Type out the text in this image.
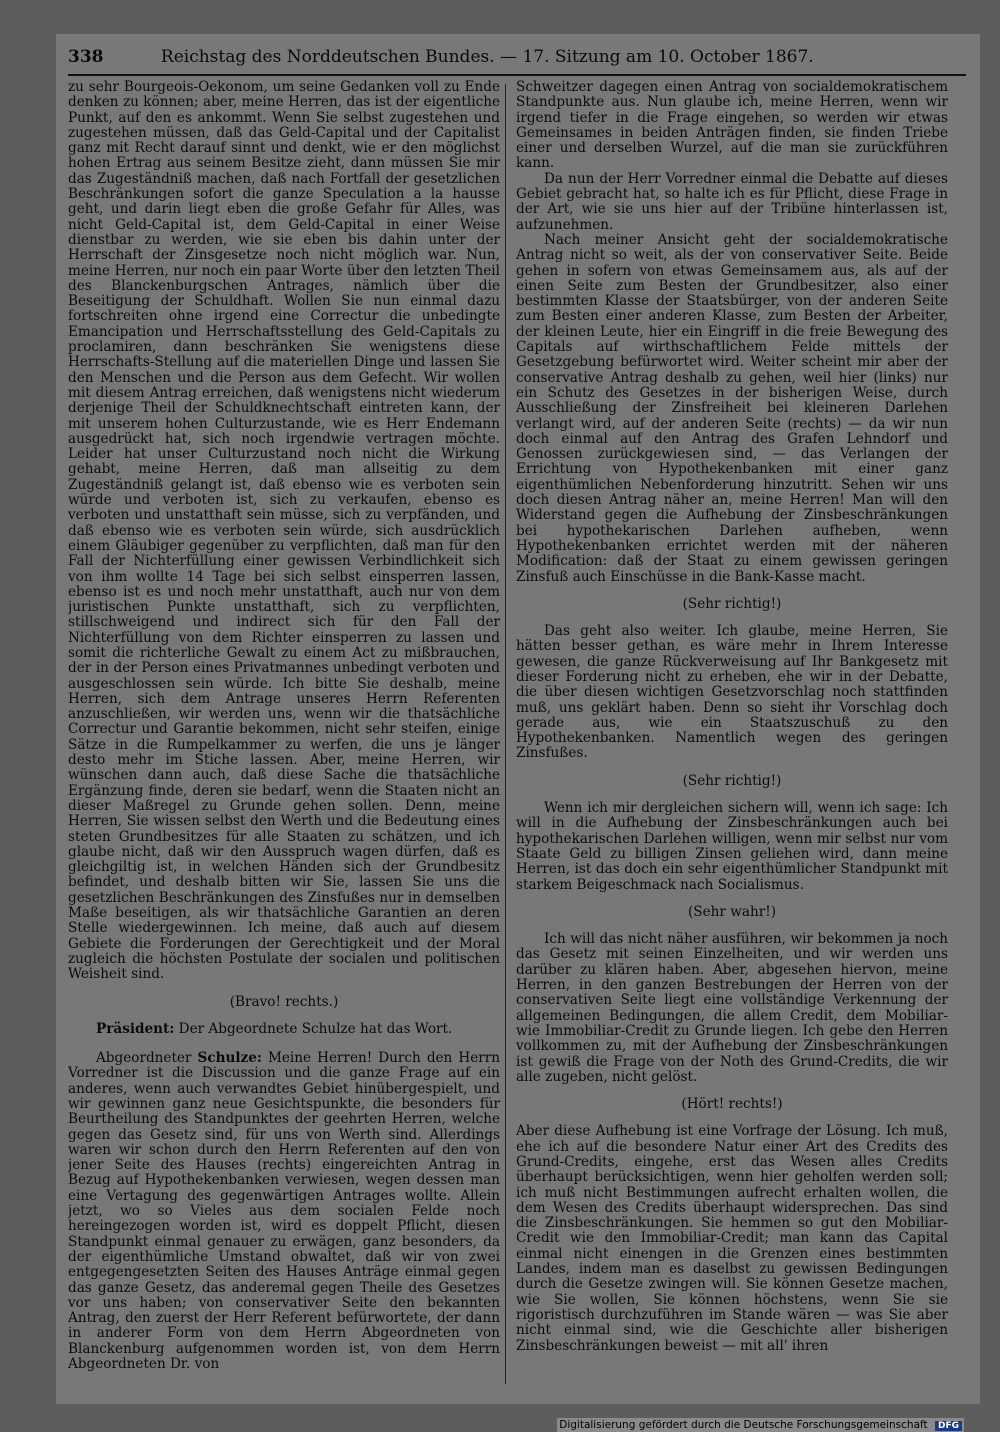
338	Reichstag des Norddeutschen Bundes. — 17. Sitzung am 10. October 1867.

zu sehr Bourgeois-Oekonom, um seine Gedanken voll zu Ende denken zu können; aber, meine Herren, das ist der eigentliche Punkt, auf den es ankommt. Wenn Sie selbst zugestehen und zugestehen müssen, daß das Geld-Capital und der Capitalist ganz mit Recht darauf sinnt und denkt, wie er den möglichst hohen Ertrag aus seinem Besitze zieht, dann müssen Sie mir das Zugeständniß machen, daß nach Fortfall der gesetzlichen Beschränkungen sofort die ganze Speculation a la hausse geht, und darin liegt eben die große Gefahr für Alles, was nicht Geld-Capital ist, dem Geld-Capital in einer Weise dienstbar zu werden, wie sie eben bis dahin unter der Herrschaft der Zinsgesetze noch nicht möglich war. Nun, meine Herren, nur noch ein paar Worte über den letzten Theil des Blanckenburgschen Antrages, nämlich über die Beseitigung der Schuldhaft. Wollen Sie nun einmal dazu fortschreiten ohne irgend eine Correctur die unbedingte Emancipation und Herrschaftsstellung des Geld-Capitals zu proclamiren, dann beschränken Sie wenigstens diese Herrschafts-Stellung auf die materiellen Dinge und lassen Sie den Menschen und die Person aus dem Gefecht. Wir wollen mit diesem Antrag erreichen, daß wenigstens nicht wiederum derjenige Theil der Schuldknechtschaft eintreten kann, der mit unserem hohen Culturzustande, wie es Herr Endemann ausgedrückt hat, sich noch irgendwie vertragen möchte. Leider hat unser Culturzustand noch nicht die Wirkung gehabt, meine Herren, daß man allseitig zu dem Zugeständniß gelangt ist, daß ebenso wie es verboten sein würde und verboten ist, sich zu verkaufen, ebenso es verboten und unstatthaft sein müsse, sich zu verpfänden, und daß ebenso wie es verboten sein würde, sich ausdrücklich einem Gläubiger gegenüber zu verpflichten, daß man für den Fall der Nichterfüllung einer gewissen Verbindlichkeit sich von ihm wollte 14 Tage bei sich selbst einsperren lassen, ebenso ist es und noch mehr unstatthaft, auch nur von dem juristischen Punkte unstatthaft, sich zu verpflichten, stillschweigend und indirect sich für den Fall der Nichterfüllung von dem Richter einsperren zu lassen und somit die richterliche Gewalt zu einem Act zu mißbrauchen, der in der Person eines Privatmannes unbedingt verboten und ausgeschlossen sein würde. Ich bitte Sie deshalb, meine Herren, sich dem Antrage unseres Herrn Referenten anzuschließen, wir werden uns, wenn wir die thatsächliche Correctur und Garantie bekommen, nicht sehr steifen, einige Sätze in die Rumpelkammer zu werfen, die uns je länger desto mehr im Stiche lassen. Aber, meine Herren, wir wünschen dann auch, daß diese Sache die thatsächliche Ergänzung finde, deren sie bedarf, wenn die Staaten nicht an dieser Maßregel zu Grunde gehen sollen. Denn, meine Herren, Sie wissen selbst den Werth und die Bedeutung eines steten Grundbesitzes für alle Staaten zu schätzen, und ich glaube nicht, daß wir den Ausspruch wagen dürfen, daß es gleichgiltig ist, in welchen Händen sich der Grundbesitz befindet, und deshalb bitten wir Sie, lassen Sie uns die gesetzlichen Beschränkungen des Zinsfußes nur in demselben Maße beseitigen, als wir thatsächliche Garantien an deren Stelle wiedergewinnen. Ich meine, daß auch auf diesem Gebiete die Forderungen der Gerechtigkeit und der Moral zugleich die höchsten Postulate der socialen und politischen Weisheit sind.

(Bravo! rechts.)

Präsident: Der Abgeordnete Schulze hat das Wort.

Abgeordneter Schulze: Meine Herren! Durch den Herrn Vorredner ist die Discussion und die ganze Frage auf ein anderes, wenn auch verwandtes Gebiet hinübergespielt, und wir gewinnen ganz neue Gesichtspunkte, die besonders für Beurtheilung des Standpunktes der geehrten Herren, welche gegen das Gesetz sind, für uns von Werth sind. Allerdings waren wir schon durch den Herrn Referenten auf den von jener Seite des Hauses (rechts) eingereichten Antrag in Bezug auf Hypothekenbanken verwiesen, wegen dessen man eine Vertagung des gegenwärtigen Antrages wollte. Allein jetzt, wo so Vieles aus dem socialen Felde noch hereingezogen worden ist, wird es doppelt Pflicht, diesen Standpunkt einmal genauer zu erwägen, ganz besonders, da der eigenthümliche Umstand obwaltet, daß wir von zwei entgegengesetzten Seiten des Hauses Anträge einmal gegen das ganze Gesetz, das anderemal gegen Theile des Gesetzes vor uns haben; von conservativer Seite den bekannten Antrag, den zuerst der Herr Referent befürwortete, der dann in anderer Form von dem Herrn Abgeordneten von Blanckenburg aufgenommen worden ist, von dem Herrn Abgeordneten Dr. von

Schweitzer dagegen einen Antrag von socialdemokratischem Standpunkte aus. Nun glaube ich, meine Herren, wenn wir irgend tiefer in die Frage eingehen, so werden wir etwas Gemeinsames in beiden Anträgen finden, sie finden Triebe einer und derselben Wurzel, auf die man sie zurückführen kann.

Da nun der Herr Vorredner einmal die Debatte auf dieses Gebiet gebracht hat, so halte ich es für Pflicht, diese Frage in der Art, wie sie uns hier auf der Tribüne hinterlassen ist, aufzunehmen.

Nach meiner Ansicht geht der socialdemokratische Antrag nicht so weit, als der von conservativer Seite. Beide gehen in sofern von etwas Gemeinsamem aus, als auf der einen Seite zum Besten der Grundbesitzer, also einer bestimmten Klasse der Staatsbürger, von der anderen Seite zum Besten einer anderen Klasse, zum Besten der Arbeiter, der kleinen Leute, hier ein Eingriff in die freie Bewegung des Capitals auf wirthschaftlichem Felde mittels der Gesetzgebung befürwortet wird. Weiter scheint mir aber der conservative Antrag deshalb zu gehen, weil hier (links) nur ein Schutz des Gesetzes in der bisherigen Weise, durch Ausschließung der Zinsfreiheit bei kleineren Darlehen verlangt wird, auf der anderen Seite (rechts) — da wir nun doch einmal auf den Antrag des Grafen Lehndorf und Genossen zurückgewiesen sind, — das Verlangen der Errichtung von Hypothekenbanken mit einer ganz eigenthümlichen Nebenforderung hinzutritt. Sehen wir uns doch diesen Antrag näher an, meine Herren! Man will den Widerstand gegen die Aufhebung der Zinsbeschränkungen bei hypothekarischen Darlehen aufheben, wenn Hypothekenbanken errichtet werden mit der näheren Modification: daß der Staat zu einem gewissen geringen Zinsfuß auch Einschüsse in die Bank-Kasse macht.

(Sehr richtig!)

Das geht also weiter. Ich glaube, meine Herren, Sie hätten besser gethan, es wäre mehr in Ihrem Interesse gewesen, die ganze Rückverweisung auf Ihr Bankgesetz mit dieser Forderung nicht zu erheben, ehe wir in der Debatte, die über diesen wichtigen Gesetzvorschlag noch stattfinden muß, uns geklärt haben. Denn so sieht ihr Vorschlag doch gerade aus, wie ein Staatszuschuß zu den Hypothekenbanken. Namentlich wegen des geringen Zinsfußes.

(Sehr richtig!)

Wenn ich mir dergleichen sichern will, wenn ich sage: Ich will in die Aufhebung der Zinsbeschränkungen auch bei hypothekarischen Darlehen willigen, wenn mir selbst nur vom Staate Geld zu billigen Zinsen geliehen wird, dann meine Herren, ist das doch ein sehr eigenthümlicher Standpunkt mit starkem Beigeschmack nach Socialismus.

(Sehr wahr!)

Ich will das nicht näher ausführen, wir bekommen ja noch das Gesetz mit seinen Einzelheiten, und wir werden uns darüber zu klären haben. Aber, abgesehen hiervon, meine Herren, in den ganzen Bestrebungen der Herren von der conservativen Seite liegt eine vollständige Verkennung der allgemeinen Bedingungen, die allem Credit, dem Mobiliar- wie Immobiliar-Credit zu Grunde liegen. Ich gebe den Herren vollkommen zu, mit der Aufhebung der Zinsbeschränkungen ist gewiß die Frage von der Noth des Grund-Credits, die wir alle zugeben, nicht gelöst.

(Hört! rechts!)

Aber diese Aufhebung ist eine Vorfrage der Lösung. Ich muß, ehe ich auf die besondere Natur einer Art des Credits des Grund-Credits, eingehe, erst das Wesen alles Credits überhaupt berücksichtigen, wenn hier geholfen werden soll; ich muß nicht Bestimmungen aufrecht erhalten wollen, die dem Wesen des Credits überhaupt widersprechen. Das sind die Zinsbeschränkungen. Sie hemmen so gut den Mobiliar-Credit wie den Immobiliar-Credit; man kann das Capital einmal nicht einengen in die Grenzen eines bestimmten Landes, indem man es daselbst zu gewissen Bedingungen durch die Gesetze zwingen will. Sie können Gesetze machen, wie Sie wollen, Sie können höchstens, wenn Sie sie rigoristisch durchzuführen im Stande wären — was Sie aber nicht einmal sind, wie die Geschichte aller bisherigen Zinsbeschränkungen beweist — mit all' ihren

Digitalisierung gefördert durch die Deutsche Forschungsgemeinschaft DFG
